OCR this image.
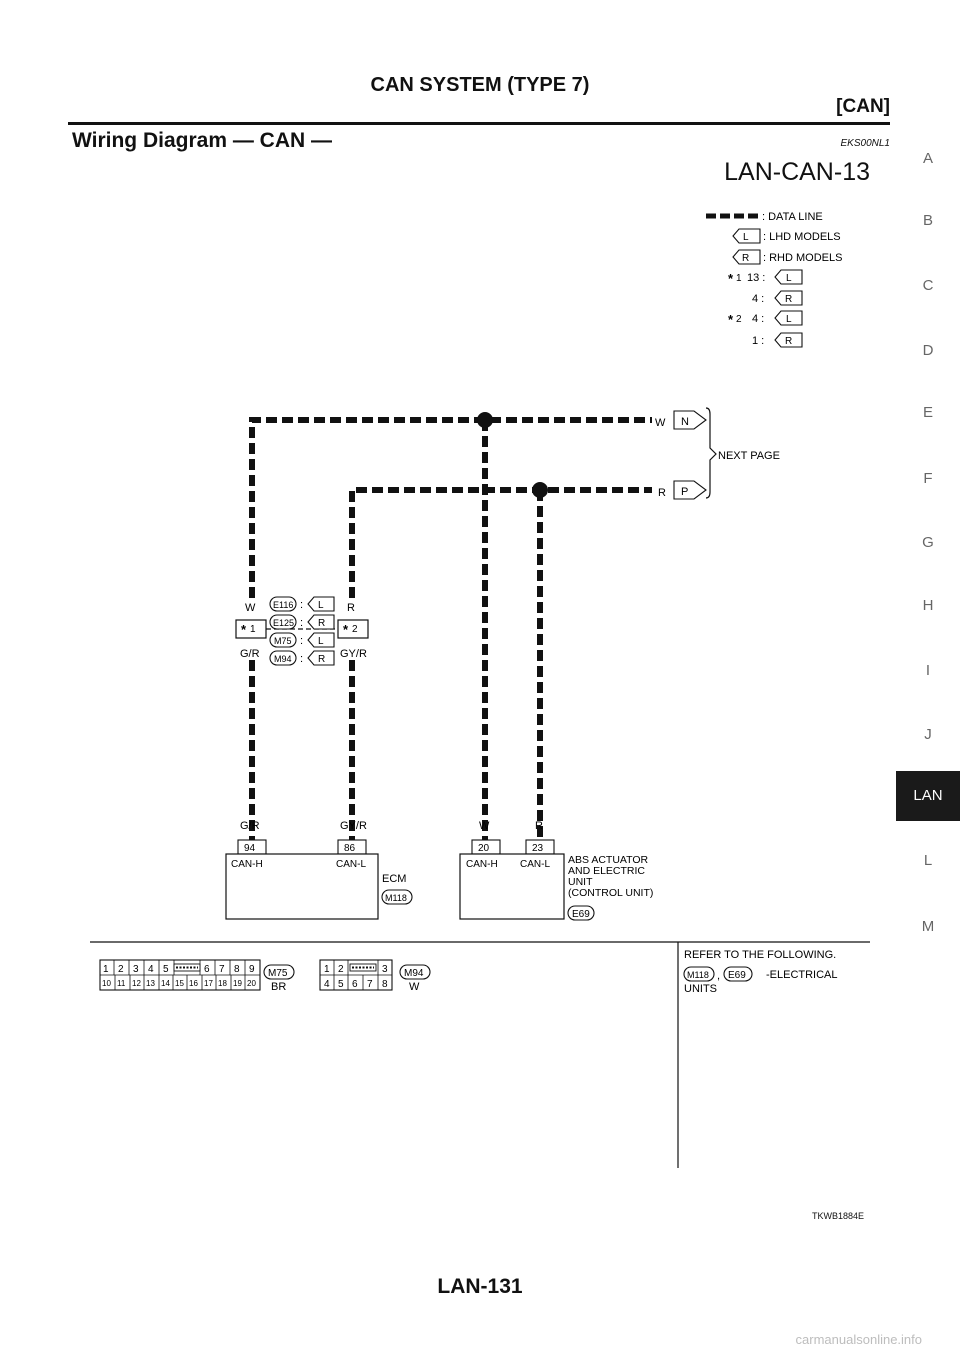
CAN SYSTEM (TYPE 7)
[CAN]
Wiring Diagram — CAN —	EKS00NL1
LAN-CAN-13	A
B
C
D
E
F
G
H
I
J
LAN
L
M
: DATA LINE
L : LHD MODELS
R : RHD MODELS
* 1 13 : L
4 : R
* 2 4 : L
1 : R
W N
R P
NEXT PAGE
W	R
* 1	* 2
G/R	GY/R
E116 : L
E125 : R
M75 : L
M94 : R
G/R	GY/R
94	86
CAN-H	CAN-L
ECM
M118
W	R
20	23
CAN-H CAN-L ABS ACTUATOR
AND ELECTRIC
UNIT
(CONTROL UNIT)
E69
1 2 3 4 5	6 7 8 9
10 11 12 13 14 15 16 17 18 19 20
M75
BR
1 2	3
4 5 6 7 8
M94
W
REFER TO THE FOLLOWING.
M118 , E69 -ELECTRICAL
UNITS
TKWB1884E
LAN-131
carmanualsonline.info
